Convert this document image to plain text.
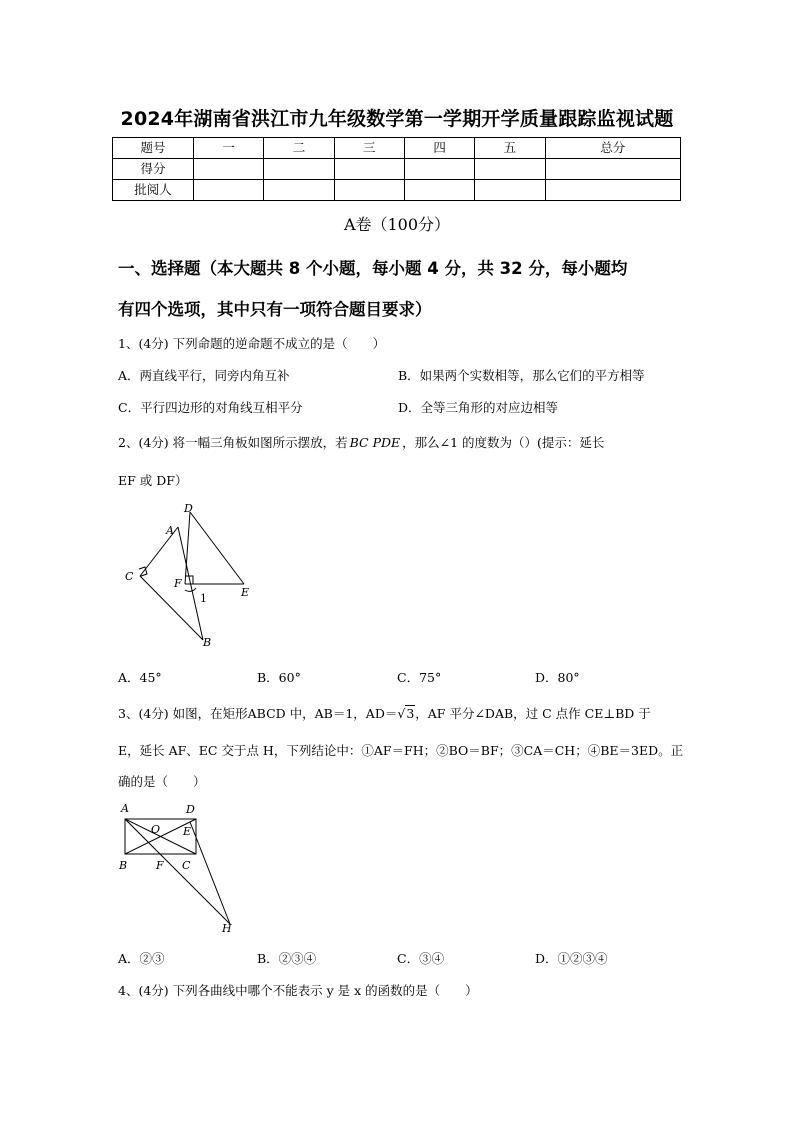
2024年湖南省洪江市九年级数学第一学期开学质量跟踪监视试题
题号	一	二	三	四	五	总分
得分						
批阅人						
A卷（100分）
一、选择题（本大题共 8 个小题，每小题 4 分，共 32 分，每小题均
有四个选项，其中只有一项符合题目要求）
1、(4分) 下列命题的逆命题不成立的是（　　）
A．两直线平行，同旁内角互补	B．如果两个实数相等，那么它们的平方相等
C．平行四边形的对角线互相平分	D．全等三角形的对应边相等
2、(4分) 将一幅三角板如图所示摆放，若 BC PDE ，那么∠1 的度数为（）(提示：延长
EF 或 DF）
A
D
C
F
1	E
B
A．45°	B．60°	C．75°	D．80°
3、(4分) 如图，在矩形ABCD 中，AB＝1，AD＝√3，AF 平分∠DAB，过 C 点作 CE⊥BD 于
E，延长 AF、EC 交于点 H，下列结论中：①AF＝FH；②BO＝BF；③CA＝CH；④BE＝3ED。正
确的是（　　）
A	D
O E
B	F C
H
A．②③	B．②③④	C．③④	D．①②③④
4、(4分) 下列各曲线中哪个不能表示 y 是 x 的函数的是（　　）
